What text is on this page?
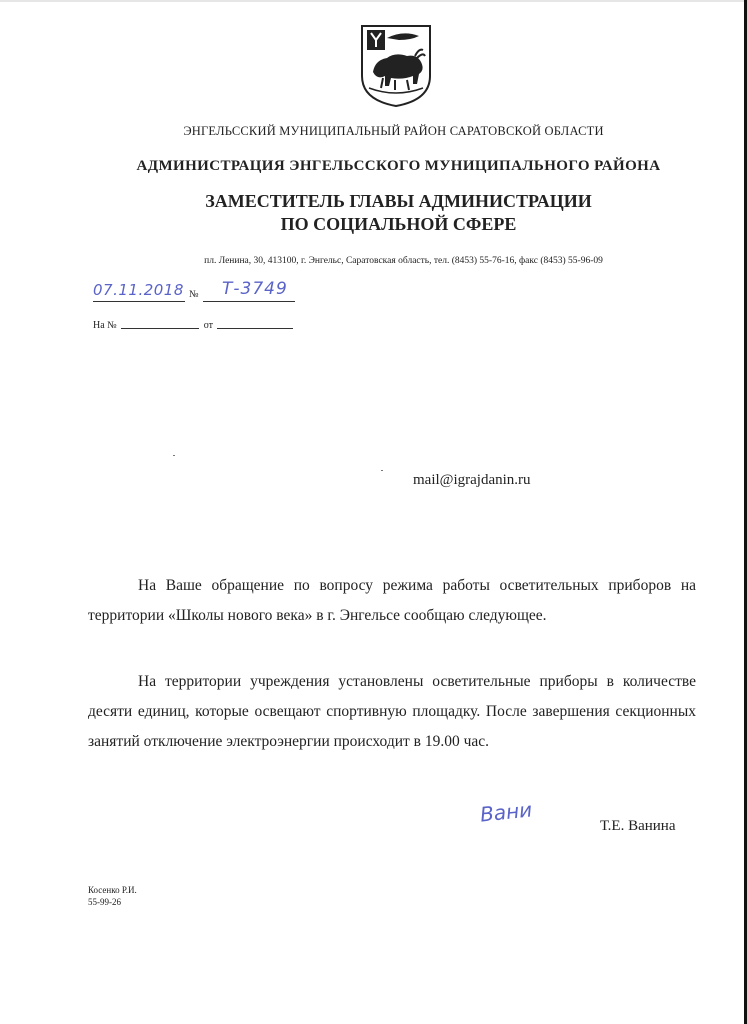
ЭНГЕЛЬССКИЙ МУНИЦИПАЛЬНЫЙ РАЙОН САРАТОВСКОЙ ОБЛАСТИ
АДМИНИСТРАЦИЯ ЭНГЕЛЬССКОГО МУНИЦИПАЛЬНОГО РАЙОНА
ЗАМЕСТИТЕЛЬ ГЛАВЫ АДМИНИСТРАЦИИ
ПО СОЦИАЛЬНОЙ СФЕРЕ
пл. Ленина, 30, 413100, г. Энгельс, Саратовская область, тел. (8453) 55-76-16, факс (8453) 55-96-09
07.11.2018 № Т-3749
На №	от
mail@igrajdanin.ru
На Ваше обращение по вопросу режима работы осветительных приборов на территории «Школы нового века» в г. Энгельсе сообщаю следующее.
На территории учреждения установлены осветительные приборы в количестве десяти единиц, которые освещают спортивную площадку. После завершения секционных занятий отключение электроэнергии происходит в 19.00 час.
Вани	Т.Е. Ванина
Косенко Р.И.
55-99-26
